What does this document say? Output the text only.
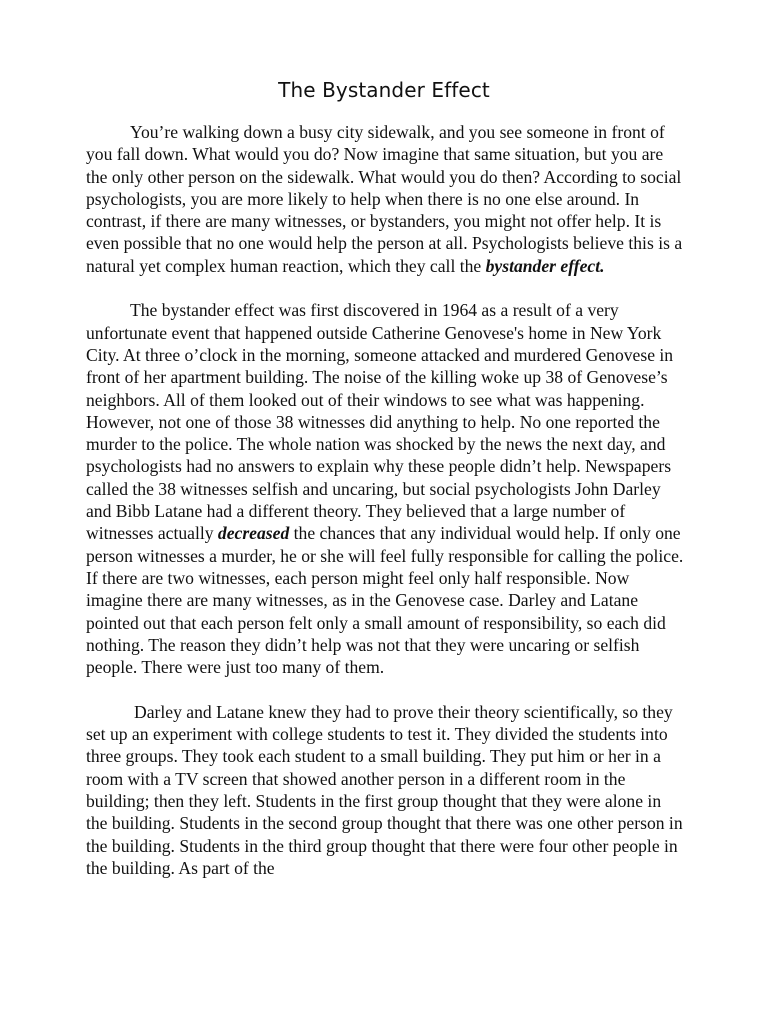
The Bystander Effect

You’re walking down a busy city sidewalk, and you see someone in front of you fall down. What would you do? Now imagine that same situation, but you are the only other person on the sidewalk. What would you do then? According to social psychologists, you are more likely to help when there is no one else around. In contrast, if there are many witnesses, or bystanders, you might not offer help. It is even possible that no one would help the person at all. Psychologists believe this is a natural yet complex human reaction, which they call the bystander effect.

The bystander effect was first discovered in 1964 as a result of a very unfortunate event that happened outside Catherine Genovese's home in New York City. At three o’clock in the morning, someone attacked and murdered Genovese in front of her apartment building. The noise of the killing woke up 38 of Genovese’s neighbors. All of them looked out of their windows to see what was happening. However, not one of those 38 witnesses did anything to help. No one reported the murder to the police. The whole nation was shocked by the news the next day, and psychologists had no answers to explain why these people didn’t help. Newspapers called the 38 witnesses selfish and uncaring, but social psychologists John Darley and Bibb Latane had a different theory. They believed that a large number of witnesses actually decreased the chances that any individual would help. If only one person witnesses a murder, he or she will feel fully responsible for calling the police. If there are two witnesses, each person might feel only half responsible. Now imagine there are many witnesses, as in the Genovese case. Darley and Latane pointed out that each person felt only a small amount of responsibility, so each did nothing. The reason they didn’t help was not that they were uncaring or selfish people. There were just too many of them.

Darley and Latane knew they had to prove their theory scientifically, so they set up an experiment with college students to test it. They divided the students into three groups. They took each student to a small building. They put him or her in a room with a TV screen that showed another person in a different room in the building; then they left. Students in the first group thought that they were alone in the building. Students in the second group thought that there was one other person in the building. Students in the third group thought that there were four other people in the building. As part of the
